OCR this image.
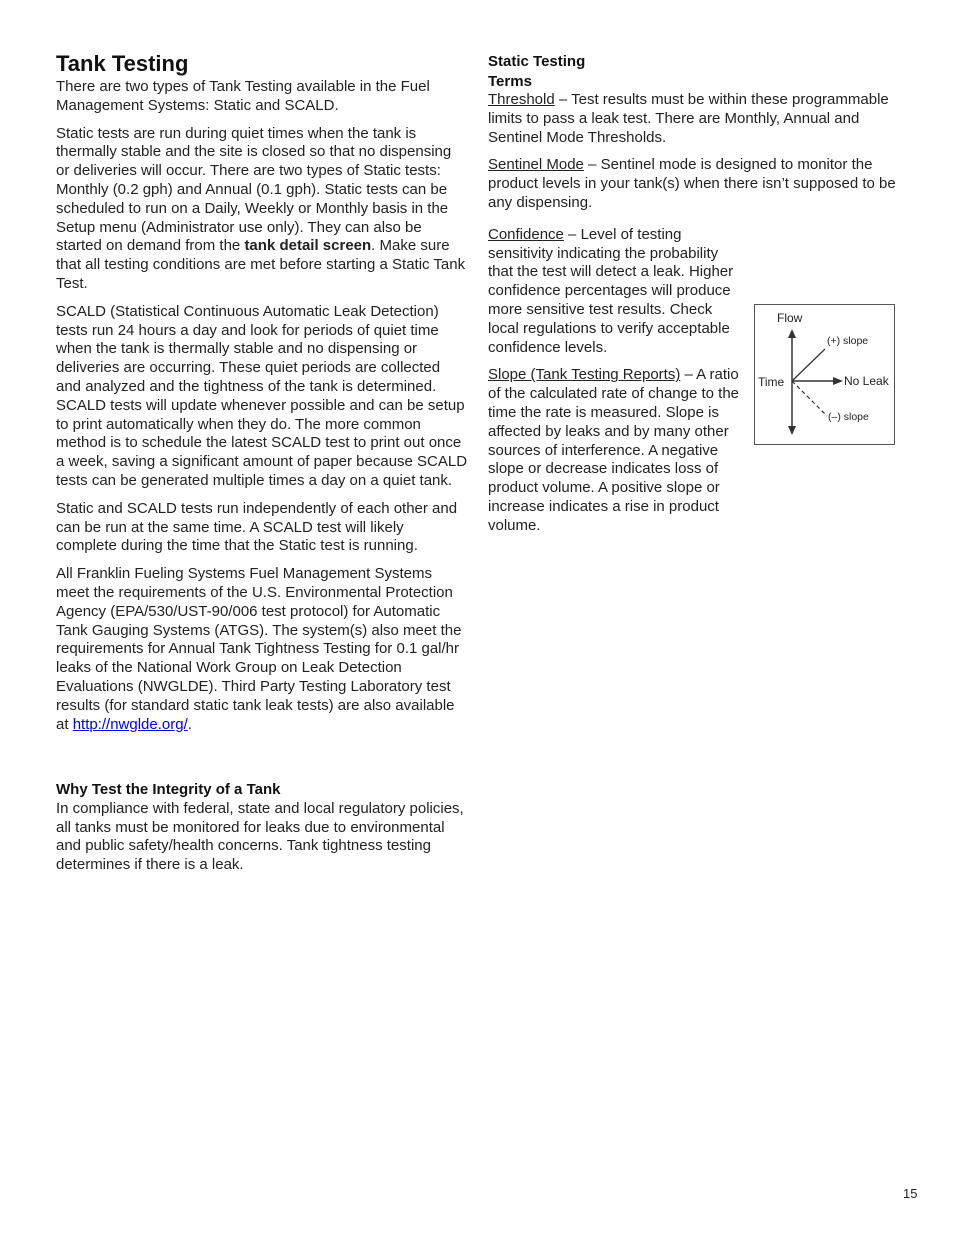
Tank Testing

There are two types of Tank Testing available in the Fuel Management Systems: Static and SCALD.

Static tests are run during quiet times when the tank is thermally stable and the site is closed so that no dispensing or deliveries will occur. There are two types of Static tests: Monthly (0.2 gph) and Annual (0.1 gph). Static tests can be scheduled to run on a Daily, Weekly or Monthly basis in the Setup menu (Administrator use only). They can also be started on demand from the tank detail screen. Make sure that all testing conditions are met before starting a Static Tank Test.

SCALD (Statistical Continuous Automatic Leak Detection) tests run 24 hours a day and look for periods of quiet time when the tank is thermally stable and no dispensing or deliveries are occurring. These quiet periods are collected and analyzed and the tightness of the tank is determined. SCALD tests will update whenever possible and can be setup to print automatically when they do. The more common method is to schedule the latest SCALD test to print out once a week, saving a significant amount of paper because SCALD tests can be generated multiple times a day on a quiet tank.

Static and SCALD tests run independently of each other and can be run at the same time. A SCALD test will likely complete during the time that the Static test is running.

All Franklin Fueling Systems Fuel Management Systems meet the requirements of the U.S. Environmental Protection Agency (EPA/530/UST-90/006 test protocol) for Automatic Tank Gauging Systems (ATGS). The system(s) also meet the requirements for Annual Tank Tightness Testing for 0.1 gal/hr leaks of the National Work Group on Leak Detection Evaluations (NWGLDE). Third Party Testing Laboratory test results (for standard static tank leak tests) are also available at http://nwglde.org/.

Why Test the Integrity of a Tank

In compliance with federal, state and local regulatory policies, all tanks must be monitored for leaks due to environmental and public safety/health concerns. Tank tightness testing determines if there is a leak.

Static Testing
Terms

Threshold – Test results must be within these programmable limits to pass a leak test. There are Monthly, Annual and Sentinel Mode Thresholds.

Sentinel Mode – Sentinel mode is designed to monitor the product levels in your tank(s) when there isn’t supposed to be any dispensing.

Confidence – Level of testing sensitivity indicating the probability that the test will detect a leak. Higher confidence percentages will produce more sensitive test results. Check local regulations to verify acceptable confidence levels.

Slope (Tank Testing Reports) – A ratio of the calculated rate of change to the time the rate is measured. Slope is affected by leaks and by many other sources of interference. A negative slope or decrease indicates loss of product volume. A positive slope or increase indicates a rise in product volume.

Flow
Time	No Leak
(+) slope
(–) slope
15
